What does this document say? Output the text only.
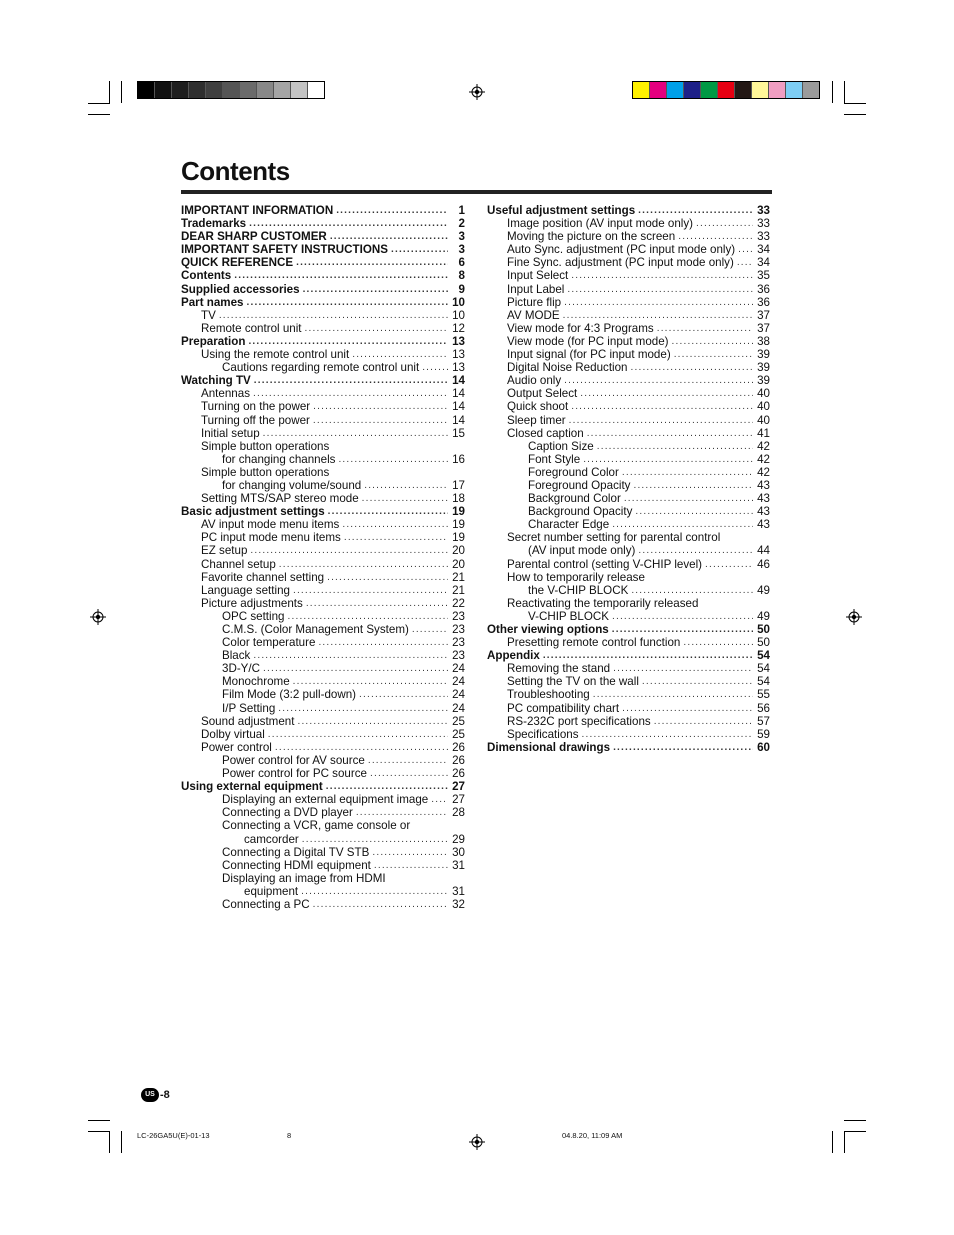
Contents
IMPORTANT INFORMATION .....	1
Trademarks .....	2
DEAR SHARP CUSTOMER .....	3
IMPORTANT SAFETY INSTRUCTIONS .....	3
QUICK REFERENCE .....	6
Contents .....	8
Supplied accessories .....	9
Part names .....	10
TV .....	10
Remote control unit .....	12
Preparation .....	13
Using the remote control unit .....	13
Cautions regarding remote control unit .....	13
Watching TV .....	14
Antennas .....	14
Turning on the power .....	14
Turning off the power .....	14
Initial setup .....	15
Simple button operations
for changing channels .....	16
Simple button operations
for changing volume/sound .....	17
Setting MTS/SAP stereo mode .....	18
Basic adjustment settings .....	19
AV input mode menu items .....	19
PC input mode menu items .....	19
EZ setup .....	20
Channel setup .....	20
Favorite channel setting .....	21
Language setting .....	21
Picture adjustments .....	22
OPC setting .....	23
C.M.S. (Color Management System) .....	23
Color temperature .....	23
Black .....	23
3D-Y/C .....	24
Monochrome .....	24
Film Mode (3:2 pull-down) .....	24
I/P Setting .....	24
Sound adjustment .....	25
Dolby virtual .....	25
Power control .....	26
Power control for AV source .....	26
Power control for PC source .....	26
Using external equipment .....	27
Displaying an external equipment image ..... 27
Connecting a DVD player .....	28
Connecting a VCR, game console or
camcorder .....	29
Connecting a Digital TV STB .....	30
Connecting HDMI equipment .....	31
Displaying an image from HDMI
equipment .....	31
Connecting a PC .....	32
Useful adjustment settings .....	33
Image position (AV input mode only) .....	33
Moving the picture on the screen .....	33
Auto Sync. adjustment (PC input mode only) ..... 34
Fine Sync. adjustment (PC input mode only) ..... 34
Input Select .....	35
Input Label .....	36
Picture flip .....	36
AV MODE .....	37
View mode for 4:3 Programs .....	37
View mode (for PC input mode) .....	38
Input signal (for PC input mode) .....	39
Digital Noise Reduction .....	39
Audio only .....	39
Output Select .....	40
Quick shoot .....	40
Sleep timer .....	40
Closed caption .....	41
Caption Size .....	42
Font Style .....	42
Foreground Color .....	42
Foreground Opacity .....	43
Background Color .....	43
Background Opacity .....	43
Character Edge .....	43
Secret number setting for parental control
(AV input mode only) .....	44
Parental control (setting V-CHIP level) .....	46
How to temporarily release
the V-CHIP BLOCK .....	49
Reactivating the temporarily released
V-CHIP BLOCK .....	49
Other viewing options .....	50
Presetting remote control function .....	50
Appendix .....	54
Removing the stand .....	54
Setting the TV on the wall .....	54
Troubleshooting .....	55
PC compatibility chart .....	56
RS-232C port specifications .....	57
Specifications .....	59
Dimensional drawings .....	60
US -8
LC-26GA5U(E)-01-13	8	04.8.20, 11:09 AM
